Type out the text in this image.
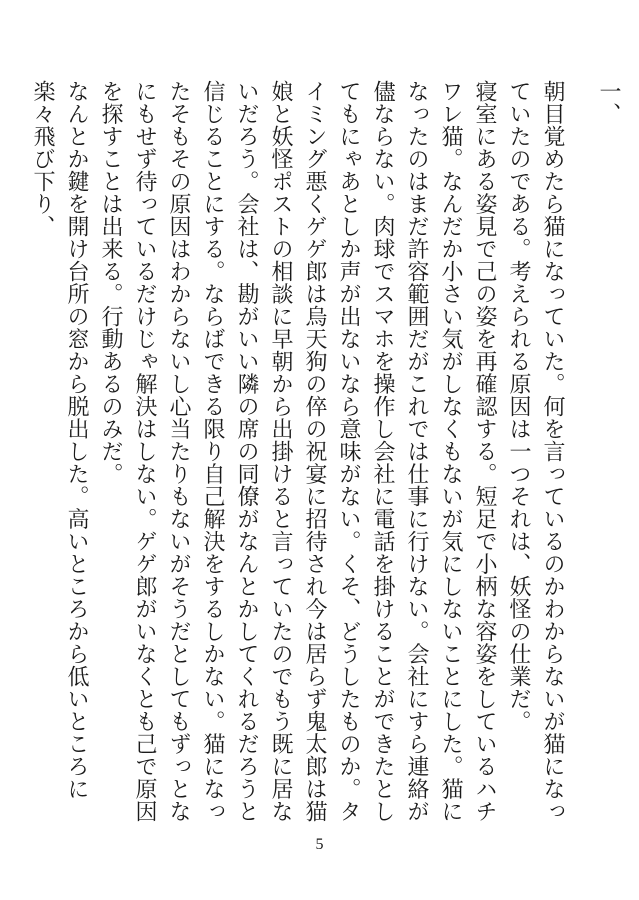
一、

朝目覚めたら猫になっていた。何を言っているのかわからないが猫になっていたのである。考えられる原因は一つそれは、妖怪の仕業だ。

寝室にある姿見で己の姿を再確認する。短足で小柄な容姿をしているハチワレ猫。なんだか小さい気がしなくもないが気にしないことにした。猫になったのはまだ許容範囲だがこれでは仕事に行けない。会社にすら連絡が儘ならない。肉球でスマホを操作し会社に電話を掛けることができたとしてもにゃあとしか声が出ないなら意味がない。くそ、どうしたものか。タイミング悪くゲゲ郎は烏天狗の倅の祝宴に招待され今は居らず鬼太郎は猫娘と妖怪ポストの相談に早朝から出掛けると言っていたのでもう既に居ないだろう。会社は、勘がいい隣の席の同僚がなんとかしてくれるだろうと信じることにする。ならばできる限り自己解決をするしかない。猫になったそもその原因はわからないし心当たりもないがそうだとしてもずっとなにもせず待っているだけじゃ解決はしない。ゲゲ郎がいなくとも己で原因を探すことは出来る。行動あるのみだ。

なんとか鍵を開け台所の窓から脱出した。高いところから低いところに楽々飛び下り、

5
